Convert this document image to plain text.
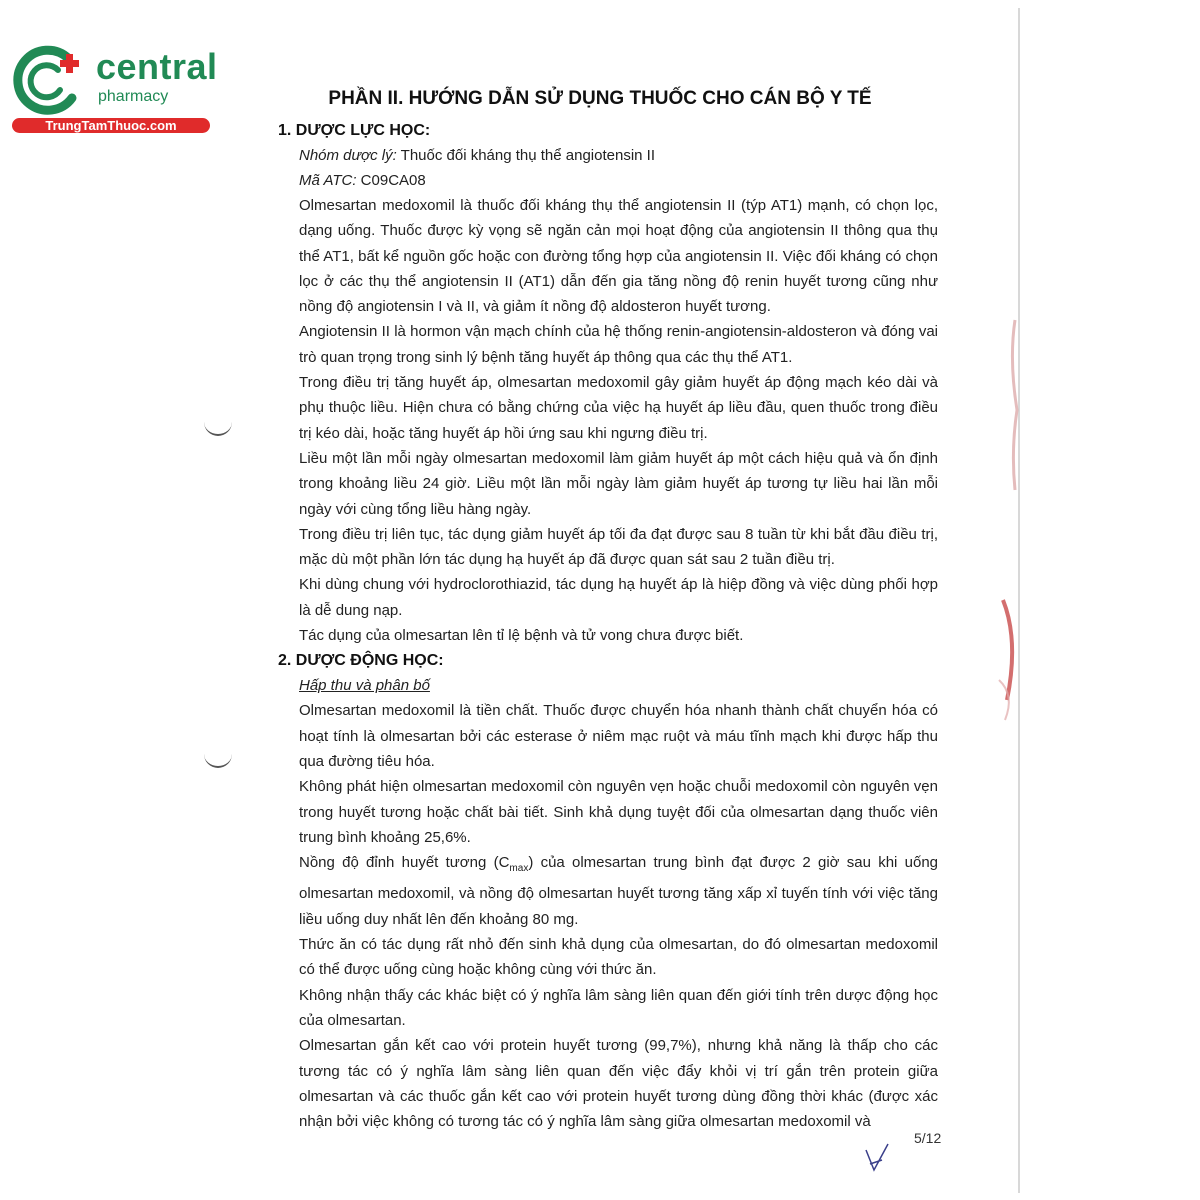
central
pharmacy
TrungTamThuoc.com
PHẦN II. HƯỚNG DẪN SỬ DỤNG THUỐC CHO CÁN BỘ Y TẾ

1. DƯỢC LỰC HỌC:

Nhóm dược lý: Thuốc đối kháng thụ thể angiotensin II

Mã ATC: C09CA08

Olmesartan medoxomil là thuốc đối kháng thụ thể angiotensin II (týp AT1) mạnh, có chọn lọc, dạng uống. Thuốc được kỳ vọng sẽ ngăn cản mọi hoạt động của angiotensin II thông qua thụ thể AT1, bất kể nguồn gốc hoặc con đường tổng hợp của angiotensin II. Việc đối kháng có chọn lọc ở các thụ thể angiotensin II (AT1) dẫn đến gia tăng nồng độ renin huyết tương cũng như nồng độ angiotensin I và II, và giảm ít nồng độ aldosteron huyết tương.

Angiotensin II là hormon vận mạch chính của hệ thống renin-angiotensin-aldosteron và đóng vai trò quan trọng trong sinh lý bệnh tăng huyết áp thông qua các thụ thể AT1.

Trong điều trị tăng huyết áp, olmesartan medoxomil gây giảm huyết áp động mạch kéo dài và phụ thuộc liều. Hiện chưa có bằng chứng của việc hạ huyết áp liều đầu, quen thuốc trong điều trị kéo dài, hoặc tăng huyết áp hồi ứng sau khi ngưng điều trị.

Liều một lần mỗi ngày olmesartan medoxomil làm giảm huyết áp một cách hiệu quả và ổn định trong khoảng liều 24 giờ. Liều một lần mỗi ngày làm giảm huyết áp tương tự liều hai lần mỗi ngày với cùng tổng liều hàng ngày.

Trong điều trị liên tục, tác dụng giảm huyết áp tối đa đạt được sau 8 tuần từ khi bắt đầu điều trị, mặc dù một phần lớn tác dụng hạ huyết áp đã được quan sát sau 2 tuần điều trị.

Khi dùng chung với hydroclorothiazid, tác dụng hạ huyết áp là hiệp đồng và việc dùng phối hợp là dễ dung nạp.

Tác dụng của olmesartan lên tỉ lệ bệnh và tử vong chưa được biết.

2. DƯỢC ĐỘNG HỌC:

Hấp thu và phân bố

Olmesartan medoxomil là tiền chất. Thuốc được chuyển hóa nhanh thành chất chuyển hóa có hoạt tính là olmesartan bởi các esterase ở niêm mạc ruột và máu tĩnh mạch khi được hấp thu qua đường tiêu hóa.

Không phát hiện olmesartan medoxomil còn nguyên vẹn hoặc chuỗi medoxomil còn nguyên vẹn trong huyết tương hoặc chất bài tiết. Sinh khả dụng tuyệt đối của olmesartan dạng thuốc viên trung bình khoảng 25,6%.

Nồng độ đỉnh huyết tương $(C_{max})$ của olmesartan trung bình đạt được 2 giờ sau khi uống olmesartan medoxomil, và nồng độ olmesartan huyết tương tăng xấp xỉ tuyến tính với việc tăng liều uống duy nhất lên đến khoảng 80 mg.

Thức ăn có tác dụng rất nhỏ đến sinh khả dụng của olmesartan, do đó olmesartan medoxomil có thể được uống cùng hoặc không cùng với thức ăn.

Không nhận thấy các khác biệt có ý nghĩa lâm sàng liên quan đến giới tính trên dược động học của olmesartan.

Olmesartan gắn kết cao với protein huyết tương (99,7%), nhưng khả năng là thấp cho các tương tác có ý nghĩa lâm sàng liên quan đến việc đẩy khỏi vị trí gắn trên protein giữa olmesartan và các thuốc gắn kết cao với protein huyết tương dùng đồng thời khác (được xác nhận bởi việc không có tương tác có ý nghĩa lâm sàng giữa olmesartan medoxomil và

5/12
